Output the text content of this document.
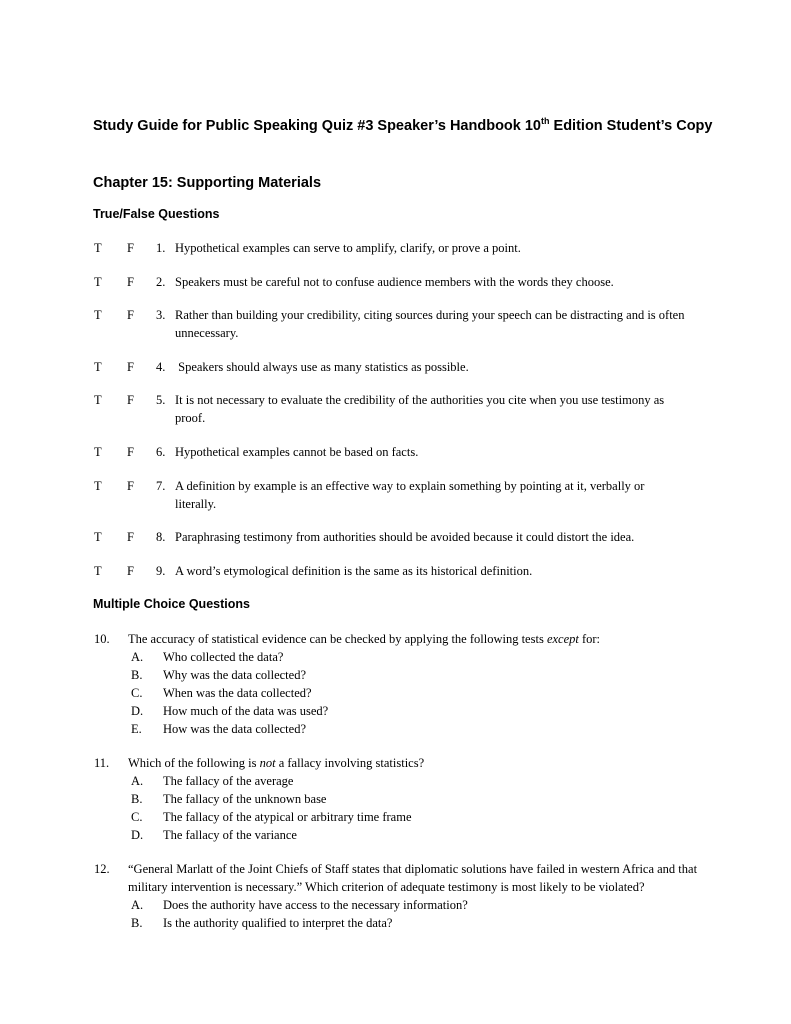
Study Guide for Public Speaking Quiz #3 Speaker’s Handbook 10th Edition Student’s Copy
Chapter 15: Supporting Materials
True/False Questions
T F 1. Hypothetical examples can serve to amplify, clarify, or prove a point.
T F 2. Speakers must be careful not to confuse audience members with the words they choose.
T F 3. Rather than building your credibility, citing sources during your speech can be distracting and is often unnecessary.
T F 4. Speakers should always use as many statistics as possible.
T F 5. It is not necessary to evaluate the credibility of the authorities you cite when you use testimony as proof.
T F 6. Hypothetical examples cannot be based on facts.
T F 7. A definition by example is an effective way to explain something by pointing at it, verbally or literally.
T F 8. Paraphrasing testimony from authorities should be avoided because it could distort the idea.
T F 9. A word’s etymological definition is the same as its historical definition.
Multiple Choice Questions
10. The accuracy of statistical evidence can be checked by applying the following tests except for:
A. Who collected the data?
B. Why was the data collected?
C. When was the data collected?
D. How much of the data was used?
E. How was the data collected?
11. Which of the following is not a fallacy involving statistics?
A. The fallacy of the average
B. The fallacy of the unknown base
C. The fallacy of the atypical or arbitrary time frame
D. The fallacy of the variance
12. “General Marlatt of the Joint Chiefs of Staff states that diplomatic solutions have failed in western Africa and that military intervention is necessary.” Which criterion of adequate testimony is most likely to be violated?
A. Does the authority have access to the necessary information?
B. Is the authority qualified to interpret the data?
